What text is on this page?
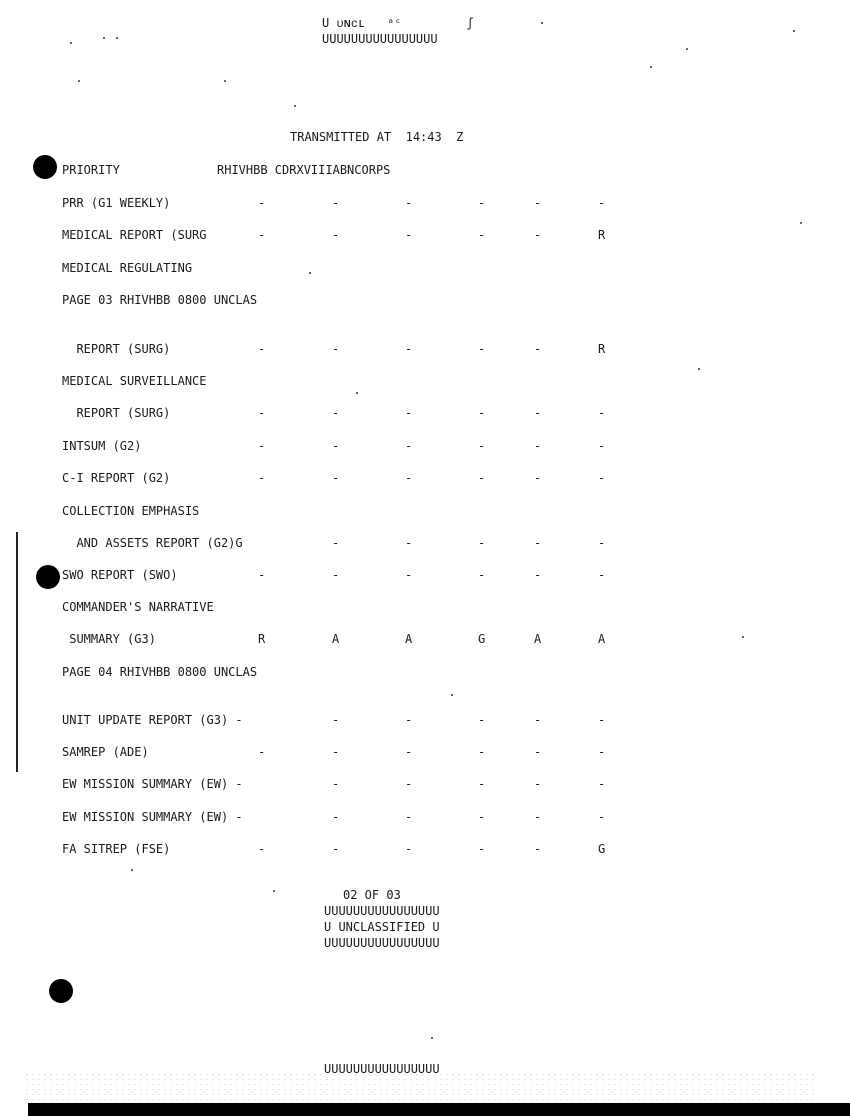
U ᴜɴᴄʟ   ᵃᶜ         ʃ
UUUUUUUUUUUUUUUU
TRANSMITTED AT  14:43  Z
PRIORITY	RHIVHBB CDRXVIIIABNCORPS
PRR (G1 WEEKLY)	-	-	-	-	-	-
MEDICAL REPORT (SURG	-	-	-	-	-	R
MEDICAL REGULATING
PAGE 03 RHIVHBB 0800 UNCLAS
REPORT (SURG)	-	-	-	-	-	R
MEDICAL SURVEILLANCE
REPORT (SURG)	-	-	-	-	-	-
INTSUM (G2)	-	-	-	-	-	-
C-I REPORT (G2)	-	-	-	-	-	-
COLLECTION EMPHASIS
AND ASSETS REPORT (G2)G	-	-	-	-	-
SWO REPORT (SWO)	-	-	-	-	-	-
COMMANDER'S NARRATIVE
SUMMARY (G3)	R	A	A	G	A	A
PAGE 04 RHIVHBB 0800 UNCLAS
UNIT UPDATE REPORT (G3) -	-	-	-	-	-
SAMREP (ADE)	-	-	-	-	-	-
EW MISSION SUMMARY (EW) -	-	-	-	-	-
EW MISSION SUMMARY (EW) -	-	-	-	-	-
FA SITREP (FSE)	-	-	-	-	-	G
02 OF 03
UUUUUUUUUUUUUUUU
U UNCLASSIFIED U
UUUUUUUUUUUUUUUU
UUUUUUUUUUUUUUUU
